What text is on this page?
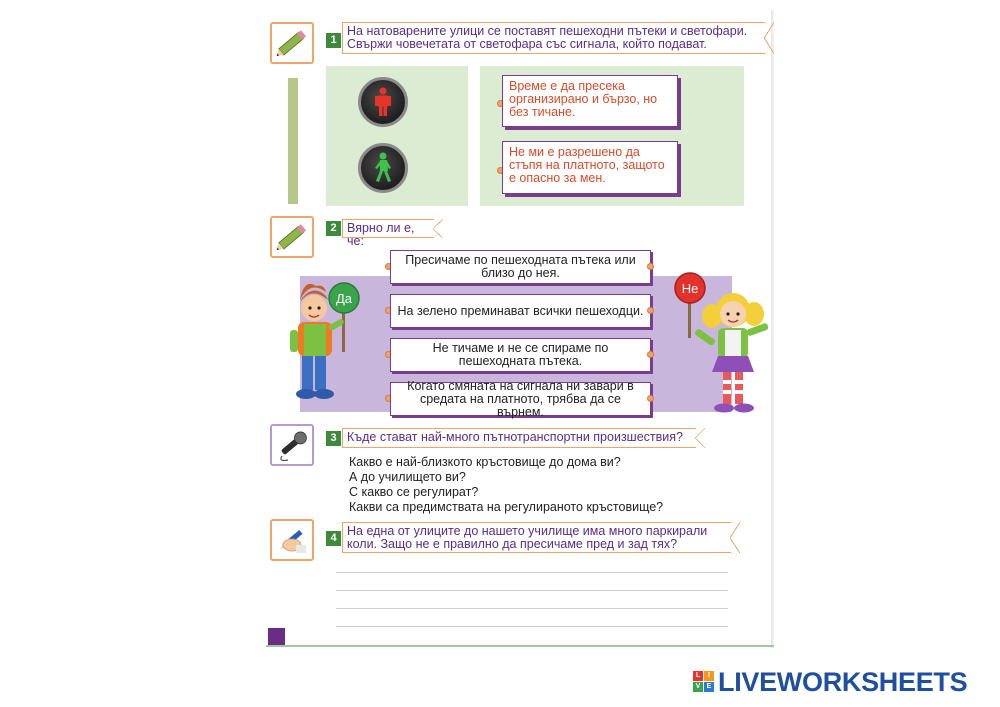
1
На натоварените улици се поставят пешеходни пътеки и светофари. Свържи човечетата от светофара със сигнала, който подават.
Време е да пресека организирано и бързо, но без тичане.
Не ми е разрешено да стъпя на платното, защото е опасно за мен.
2 Вярно ли е, че:
Да
Не
Пресичаме по пешеходната пътека или близо до нея.
На зелено преминават всички пешеходци.
Не тичаме и не се спираме по пешеходната пътека.
Когато смяната на сигнала ни завари в средата на платното, трябва да се върнем.
3 Къде стават най-много пътнотранспортни произшествия?
Какво е най-близкото кръстовище до дома ви?
А до училището ви?
С какво се регулират?
Какви са предимствата на регулираното кръстовище?
4 На една от улиците до нашето училище има много паркирали коли. Защо не е правилно да пресичаме пред и зад тях?
L	I
V E LIVEWORKSHEETS
